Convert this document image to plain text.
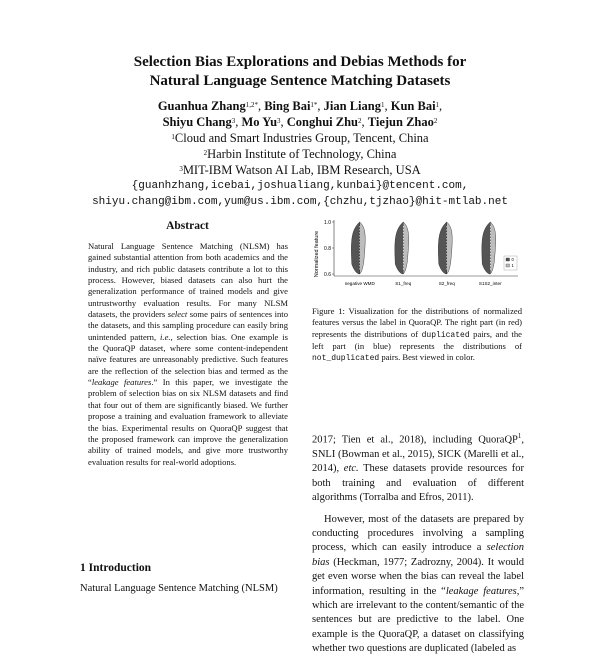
Selection Bias Explorations and Debias Methods for
Natural Language Sentence Matching Datasets
Guanhua Zhang$^{1,2*}$, Bing Bai$^{1*}$, Jian Liang$^1$, Kun Bai$^1$,
Shiyu Chang$^3$, Mo Yu$^3$, Conghui Zhu$^2$, Tiejun Zhao$^2$
$^1$Cloud and Smart Industries Group, Tencent, China
$^2$Harbin Institute of Technology, China
$^3$MIT-IBM Watson AI Lab, IBM Research, USA
{guanhzhang,icebai,joshualiang,kunbai}@tencent.com,
shiyu.chang@ibm.com,yum@us.ibm.com,{chzhu,tjzhao}@hit-mtlab.net
Abstract
Natural Language Sentence Matching (NLSM) has gained substantial attention from both academics and the industry, and rich public datasets contribute a lot to this process. However, biased datasets can also hurt the generalization performance of trained models and give untrustworthy evaluation results. For many NLSM datasets, the providers select some pairs of sentences into the datasets, and this sampling procedure can easily bring unintended pattern, i.e., selection bias. One example is the QuoraQP dataset, where some content-independent naïve features are unreasonably predictive. Such features are the reflection of the selection bias and termed as the “leakage features.” In this paper, we investigate the problem of selection bias on six NLSM datasets and find that four out of them are significantly biased. We further propose a training and evaluation framework to alleviate the bias. Experimental results on QuoraQP suggest that the proposed framework can improve the generalization ability of trained models, and give more trustworthy evaluation results for real-world adoptions.
1 Introduction
Natural Language Sentence Matching (NLSM)
Normalized feature
1.0
0.8
0.6
negative WMD	S1_freq	S2_freq	S1S2_inter
0
1
Figure 1: Visualization for the distributions of normalized features versus the label in QuoraQP. The right part (in red) represents the distributions of duplicated pairs, and the left part (in blue) represents the distributions of not_duplicated pairs. Best viewed in color.

2017; Tien et al., 2018), including QuoraQP$^1$, SNLI (Bowman et al., 2015), SICK (Marelli et al., 2014), etc. These datasets provide resources for both training and evaluation of different algorithms (Torralba and Efros, 2011).

However, most of the datasets are prepared by conducting procedures involving a sampling process, which can easily introduce a selection bias (Heckman, 1977; Zadrozny, 2004). It would get even worse when the bias can reveal the label information, resulting in the “leakage features,” which are irrelevant to the content/semantic of the sentences but are predictive to the label. One example is the QuoraQP, a dataset on classifying whether two questions are duplicated (labeled as
